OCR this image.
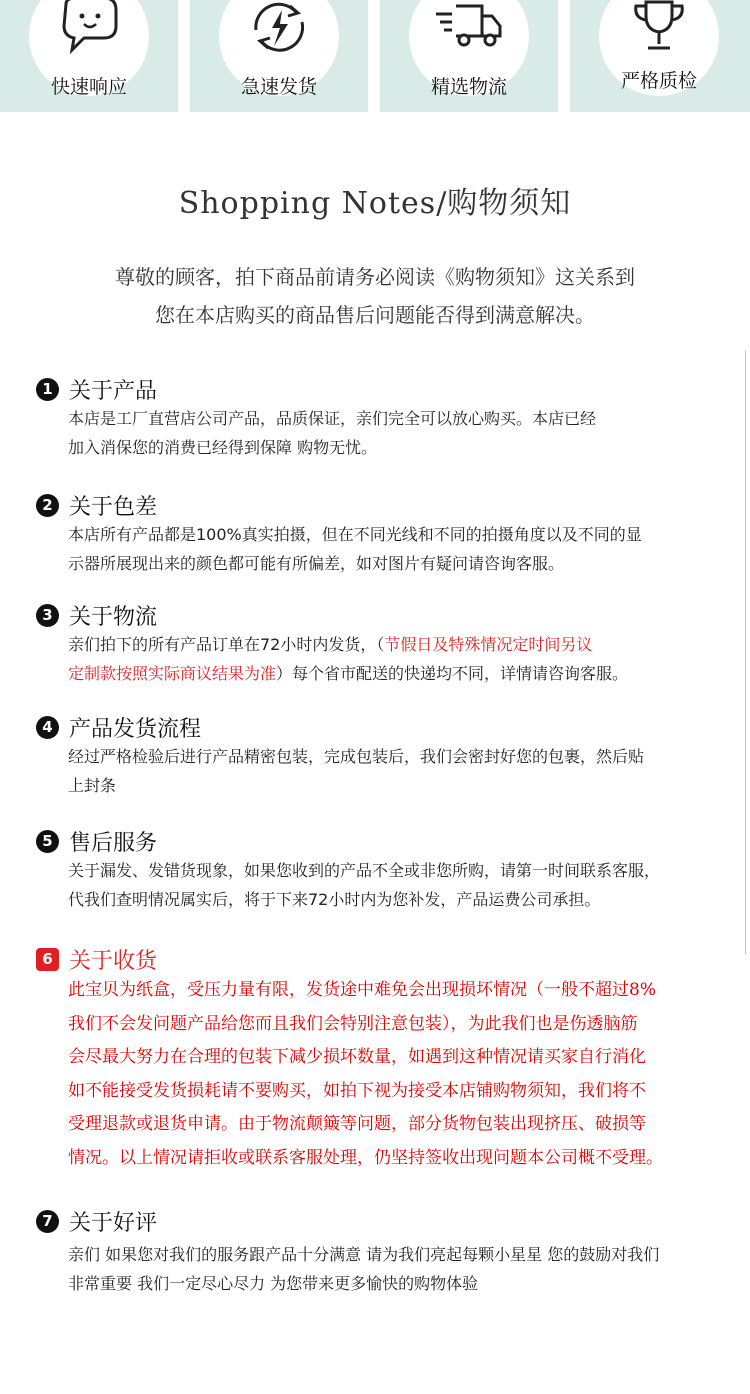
快速响应	急速发货	精选物流	严格质检
Shopping Notes/购物须知
尊敬的顾客，拍下商品前请务必阅读《购物须知》这关系到
您在本店购买的商品售后问题能否得到满意解决。
1 关于产品
本店是工厂直营店公司产品，品质保证，亲们完全可以放心购买。本店已经
加入消保您的消费已经得到保障 购物无忧。
2 关于色差
本店所有产品都是100%真实拍摄，但在不同光线和不同的拍摄角度以及不同的显
示器所展现出来的颜色都可能有所偏差，如对图片有疑问请咨询客服。
3 关于物流
亲们拍下的所有产品订单在72小时内发货，（节假日及特殊情况定时间另议
定制款按照实际商议结果为准）每个省市配送的快递均不同，详情请咨询客服。
4 产品发货流程
经过严格检验后进行产品精密包装，完成包装后，我们会密封好您的包裹，然后贴
上封条
5 售后服务
关于漏发、发错货现象，如果您收到的产品不全或非您所购，请第一时间联系客服，
代我们查明情况属实后，将于下来72小时内为您补发，产品运费公司承担。
6 关于收货
此宝贝为纸盒，受压力量有限，发货途中难免会出现损坏情况（一般不超过8%
我们不会发问题产品给您而且我们会特别注意包装），为此我们也是伤透脑筋
会尽最大努力在合理的包装下减少损坏数量，如遇到这种情况请买家自行消化
如不能接受发货损耗请不要购买，如拍下视为接受本店铺购物须知，我们将不
受理退款或退货申请。由于物流颠簸等问题，部分货物包装出现挤压、破损等
情况。以上情况请拒收或联系客服处理，仍坚持签收出现问题本公司概不受理。
7 关于好评
亲们 如果您对我们的服务跟产品十分满意 请为我们亮起每颗小星星 您的鼓励对我们
非常重要 我们一定尽心尽力 为您带来更多愉快的购物体验
